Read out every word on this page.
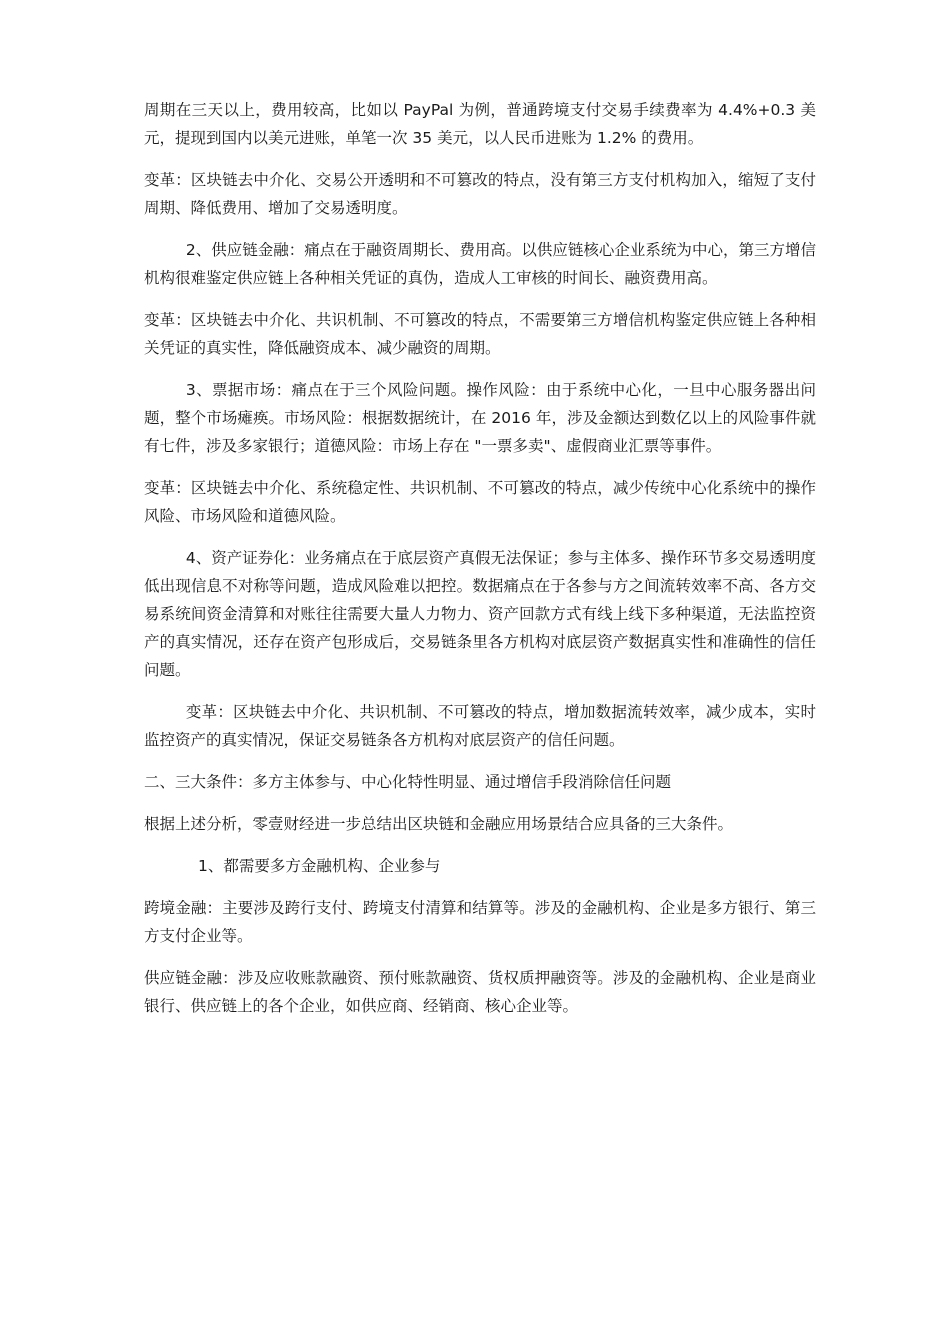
周期在三天以上，费用较高，比如以 PayPal 为例，普通跨境支付交易手续费率为 4.4%+0.3 美元，提现到国内以美元进账，单笔一次 35 美元，以人民币进账为 1.2% 的费用。

变革：区块链去中介化、交易公开透明和不可篡改的特点，没有第三方支付机构加入，缩短了支付周期、降低费用、增加了交易透明度。

2、供应链金融：痛点在于融资周期长、费用高。以供应链核心企业系统为中心，第三方增信机构很难鉴定供应链上各种相关凭证的真伪，造成人工审核的时间长、融资费用高。

变革：区块链去中介化、共识机制、不可篡改的特点，不需要第三方增信机构鉴定供应链上各种相关凭证的真实性，降低融资成本、减少融资的周期。

3、票据市场：痛点在于三个风险问题。操作风险：由于系统中心化，一旦中心服务器出问题，整个市场瘫痪。市场风险：根据数据统计，在 2016 年，涉及金额达到数亿以上的风险事件就有七件，涉及多家银行；道德风险：市场上存在 "一票多卖"、虚假商业汇票等事件。

变革：区块链去中介化、系统稳定性、共识机制、不可篡改的特点，减少传统中心化系统中的操作风险、市场风险和道德风险。

4、资产证券化：业务痛点在于底层资产真假无法保证；参与主体多、操作环节多交易透明度低出现信息不对称等问题，造成风险难以把控。数据痛点在于各参与方之间流转效率不高、各方交易系统间资金清算和对账往往需要大量人力物力、资产回款方式有线上线下多种渠道，无法监控资产的真实情况，还存在资产包形成后，交易链条里各方机构对底层资产数据真实性和准确性的信任问题。

变革：区块链去中介化、共识机制、不可篡改的特点，增加数据流转效率，减少成本，实时监控资产的真实情况，保证交易链条各方机构对底层资产的信任问题。

二、三大条件：多方主体参与、中心化特性明显、通过增信手段消除信任问题

根据上述分析，零壹财经进一步总结出区块链和金融应用场景结合应具备的三大条件。

1、都需要多方金融机构、企业参与

跨境金融：主要涉及跨行支付、跨境支付清算和结算等。涉及的金融机构、企业是多方银行、第三方支付企业等。

供应链金融：涉及应收账款融资、预付账款融资、货权质押融资等。涉及的金融机构、企业是商业银行、供应链上的各个企业，如供应商、经销商、核心企业等。
